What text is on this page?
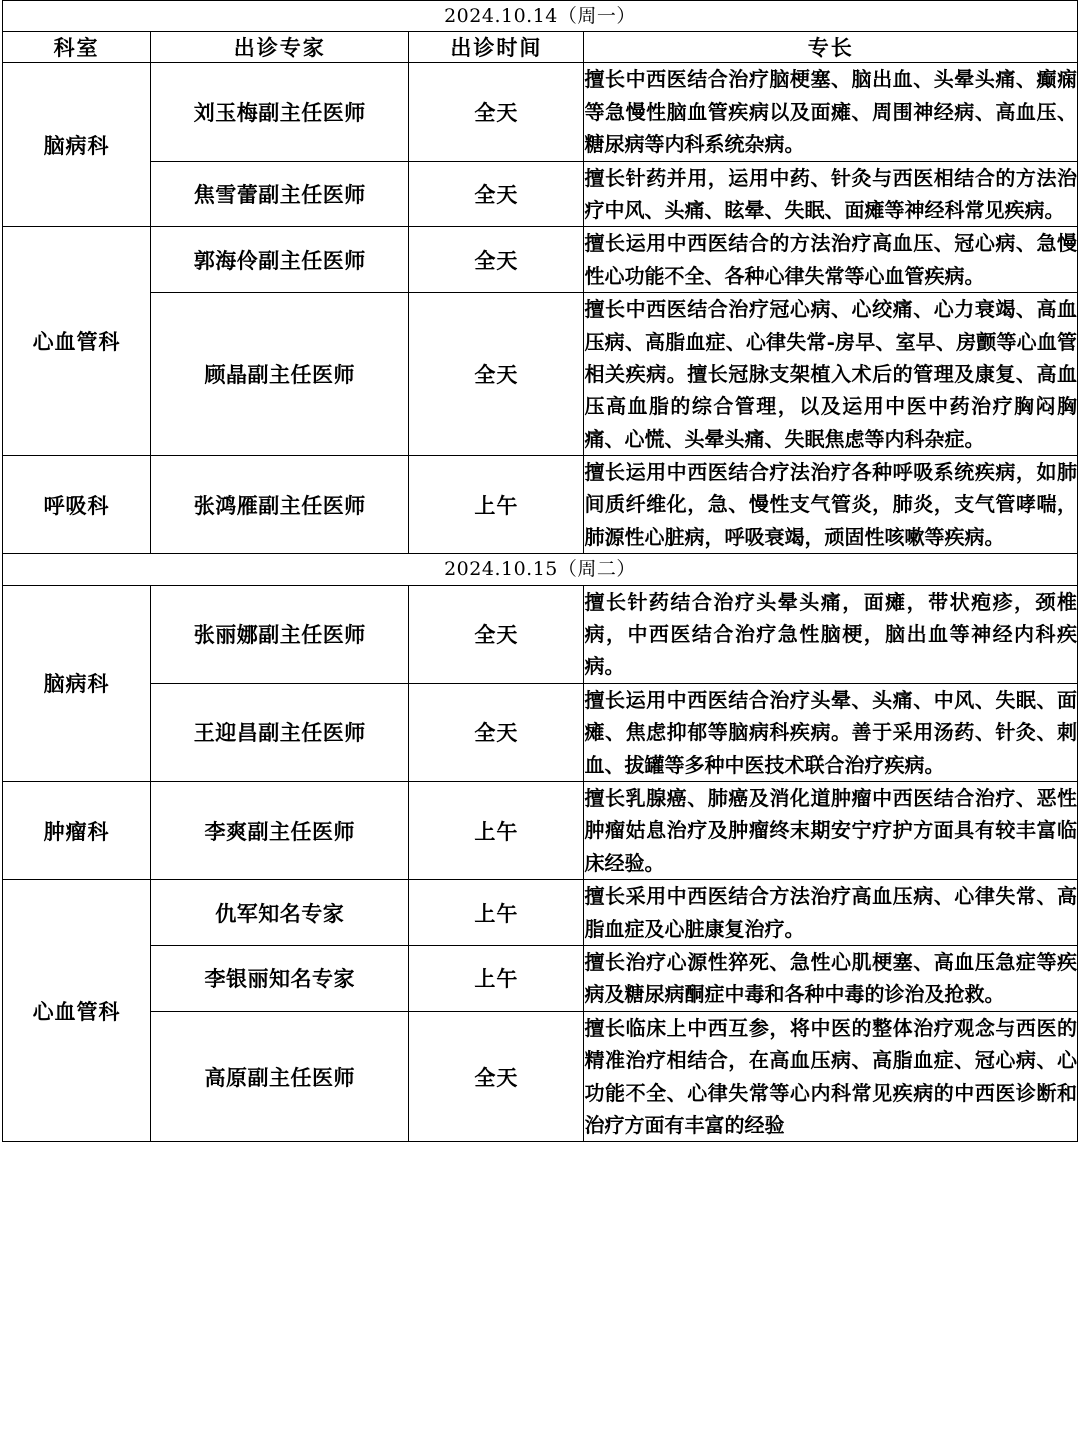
2024.10.14（周一）			
科室	出诊专家	出诊时间	专长
脑病科	刘玉梅副主任医师	全天	擅长中西医结合治疗脑梗塞、脑出血、头晕头痛、癫痫等急慢性脑血管疾病以及面瘫、周围神经病、高血压、糖尿病等内科系统杂病。

	焦雪蕾副主任医师	全天	擅长针药并用，运用中药、针灸与西医相结合的方法治疗中风、头痛、眩晕、失眠、面瘫等神经科常见疾病。

心血管科	郭海伶副主任医师	全天	擅长运用中西医结合的方法治疗高血压、冠心病、急慢性心功能不全、各种心律失常等心血管疾病。

	顾晶副主任医师	全天	擅长中西医结合治疗冠心病、心绞痛、心力衰竭、高血压病、高脂血症、心律失常-房早、室早、房颤等心血管相关疾病。擅长冠脉支架植入术后的管理及康复、高血压高血脂的综合管理，以及运用中医中药治疗胸闷胸痛、心慌、头晕头痛、失眠焦虑等内科杂症。

呼吸科	张鸿雁副主任医师	上午	擅长运用中西医结合疗法治疗各种呼吸系统疾病，如肺间质纤维化，急、慢性支气管炎，肺炎，支气管哮喘，肺源性心脏病，呼吸衰竭，顽固性咳嗽等疾病。

2024.10.15（周二）			
脑病科	张丽娜副主任医师	全天	擅长针药结合治疗头晕头痛，面瘫，带状疱疹，颈椎病，中西医结合治疗急性脑梗，脑出血等神经内科疾病。

	王迎昌副主任医师	全天	擅长运用中西医结合治疗头晕、头痛、中风、失眠、面瘫、焦虑抑郁等脑病科疾病。善于采用汤药、针灸、刺血、拔罐等多种中医技术联合治疗疾病。

肿瘤科	李爽副主任医师	上午	擅长乳腺癌、肺癌及消化道肿瘤中西医结合治疗、恶性肿瘤姑息治疗及肿瘤终末期安宁疗护方面具有较丰富临床经验。

心血管科	仇军知名专家	上午	擅长采用中西医结合方法治疗高血压病、心律失常、高脂血症及心脏康复治疗。

	李银丽知名专家	上午	擅长治疗心源性猝死、急性心肌梗塞、高血压急症等疾病及糖尿病酮症中毒和各种中毒的诊治及抢救。

	高原副主任医师	全天	擅长临床上中西互参，将中医的整体治疗观念与西医的精准治疗相结合，在高血压病、高脂血症、冠心病、心功能不全、心律失常等心内科常见疾病的中西医诊断和治疗方面有丰富的经验
